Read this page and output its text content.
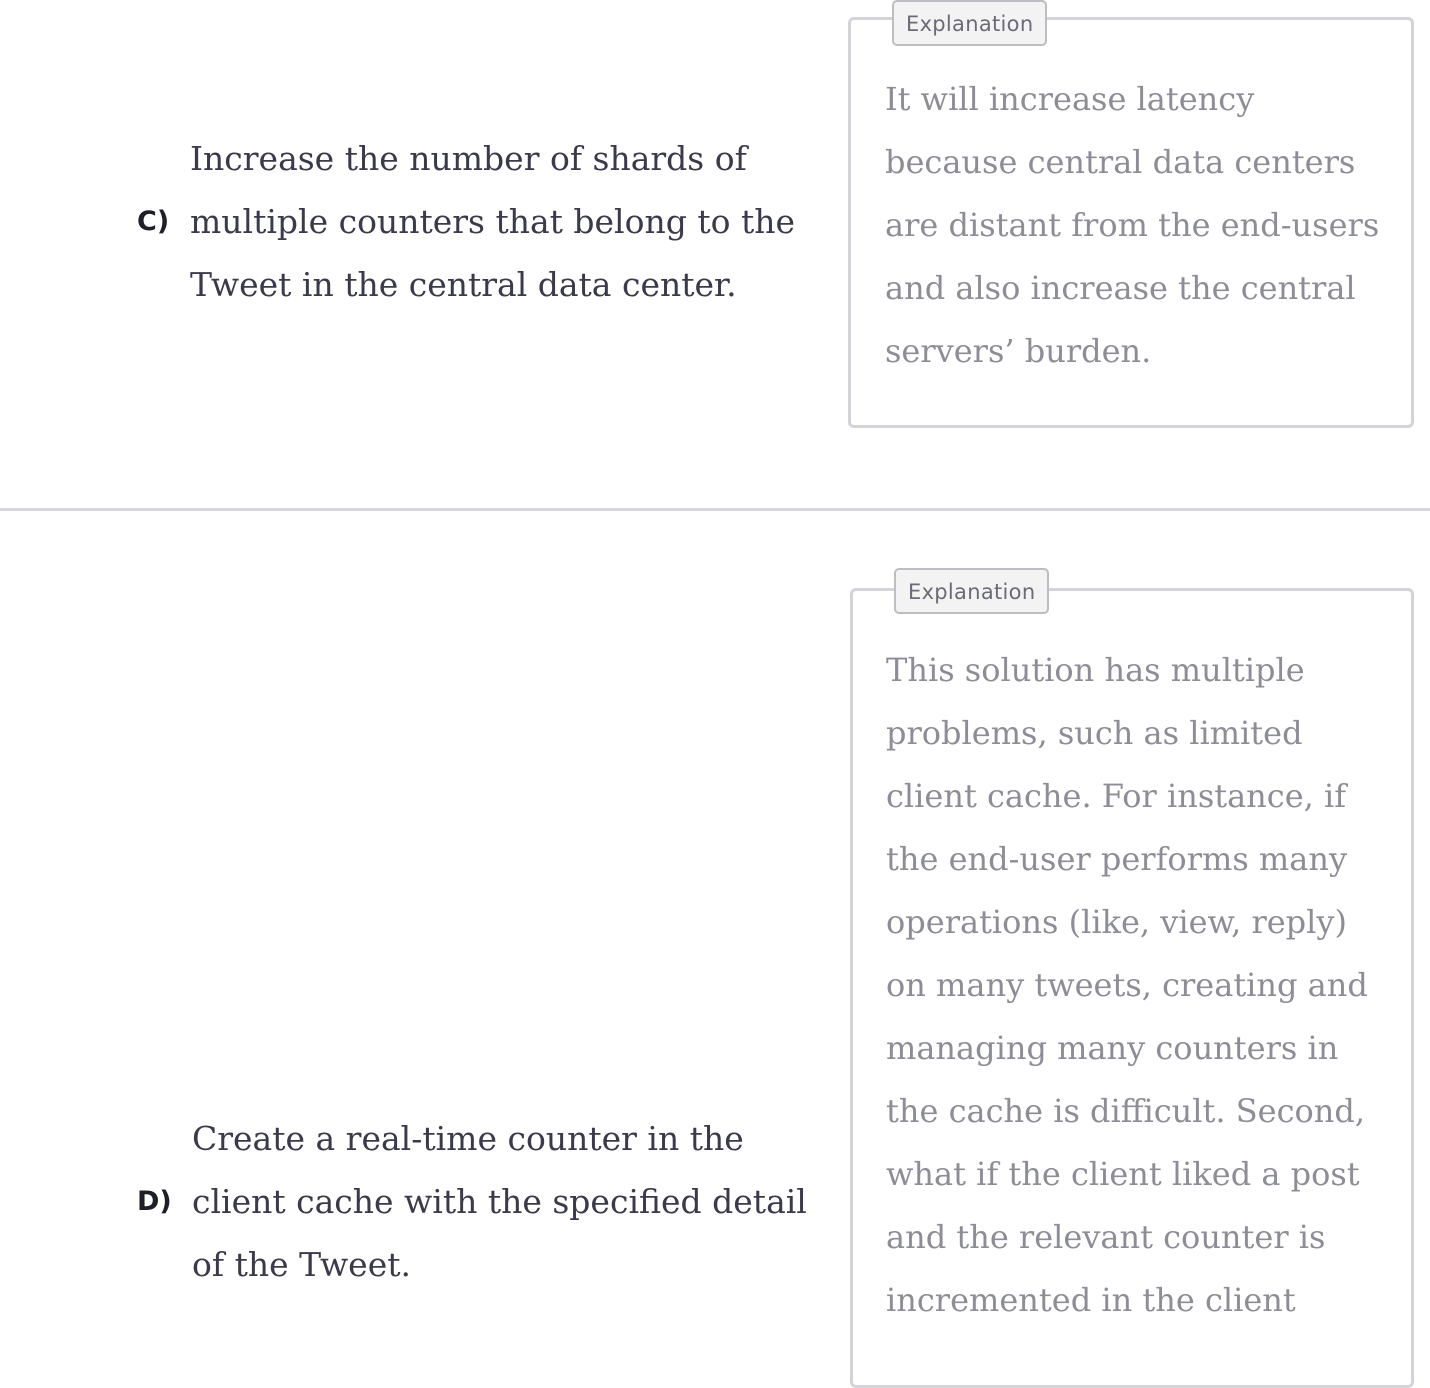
C)

Increase the number of shards of multiple counters that belong to the Tweet in the central data center.

Explanation

It will increase latency because central data centers are distant from the end-users and also increase the central servers’ burden.

D)

Create a real-time counter in the client cache with the specified detail of the Tweet.

Explanation

This solution has multiple problems, such as limited client cache. For instance, if the end-user performs many operations (like, view, reply) on many tweets, creating and managing many counters in the cache is difficult. Second, what if the client liked a post and the relevant counter is incremented in the client
